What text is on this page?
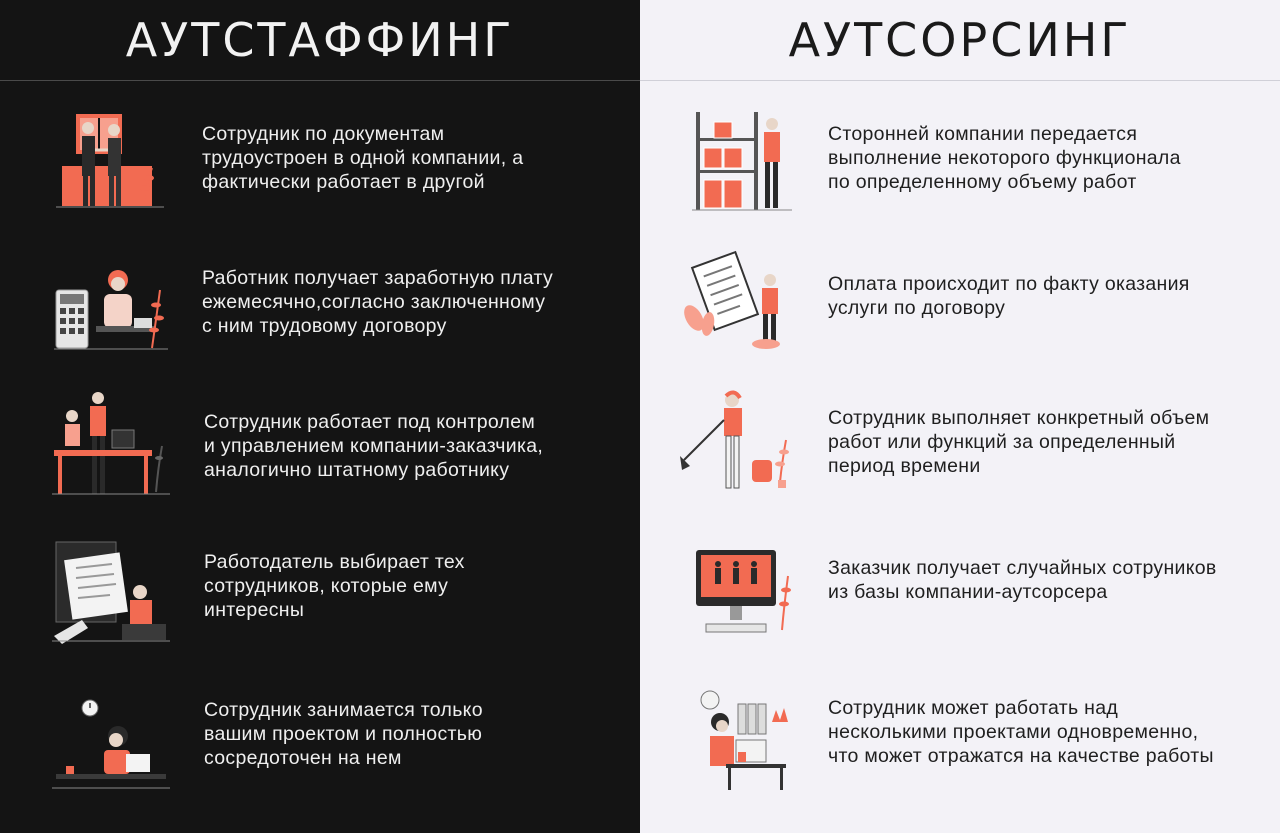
АУТСТАФФИНГ
Сотрудник по документам
трудоустроен в одной компании, а
фактически работает в другой
Работник получает заработную плату
ежемесячно,согласно заключенному
с ним трудовому договору
Сотрудник работает под контролем
и управлением компании-заказчика,
аналогично штатному работнику
Работодатель выбирает тех
сотрудников, которые ему
интересны
Сотрудник занимается только
вашим проектом и полностью
сосредоточен на нем
АУТСОРСИНГ
Сторонней компании передается
выполнение некоторого функционала
по определенному объему работ
Оплата происходит по факту оказания
услуги по договору
Сотрудник выполняет конкретный объем
работ или функций за определенный
период времени
Заказчик получает случайных сотруников
из базы компании-аутсорсера
Сотрудник может работать над
несколькими проектами одновременно,
что может отражатся на качестве работы
